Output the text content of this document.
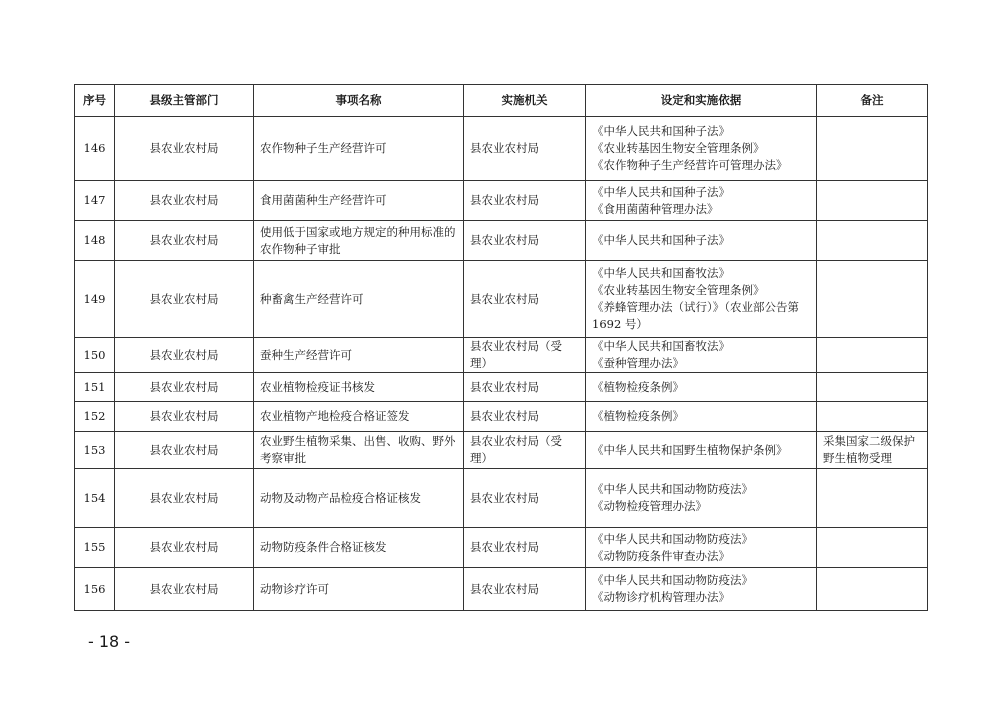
序号	县级主管部门	事项名称	实施机关	设定和实施依据	备注
146	县农业农村局	农作物种子生产经营许可	县农业农村局	《中华人民共和国种子法》
《农业转基因生物安全管理条例》
《农作物种子生产经营许可管理办法》	

147	县农业农村局	食用菌菌种生产经营许可	县农业农村局	《中华人民共和国种子法》
《食用菌菌种管理办法》	

148	县农业农村局	使用低于国家或地方规定的种用标准的农作物种子审批	县农业农村局	《中华人民共和国种子法》	

149	县农业农村局	种畜禽生产经营许可	县农业农村局	《中华人民共和国畜牧法》
《农业转基因生物安全管理条例》
《养蜂管理办法（试行）》（农业部公告第
1692 号）	

150	县农业农村局	蚕种生产经营许可	县农业农村局（受理）	《中华人民共和国畜牧法》
《蚕种管理办法》	

151	县农业农村局	农业植物检疫证书核发	县农业农村局	《植物检疫条例》	

152	县农业农村局	农业植物产地检疫合格证签发	县农业农村局	《植物检疫条例》	

153	县农业农村局	农业野生植物采集、出售、收购、野外考察审批	县农业农村局（受理）	《中华人民共和国野生植物保护条例》	采集国家二级保护野生植物受理
154	县农业农村局	动物及动物产品检疫合格证核发	县农业农村局	《中华人民共和国动物防疫法》
《动物检疫管理办法》	

155	县农业农村局	动物防疫条件合格证核发	县农业农村局	《中华人民共和国动物防疫法》
《动物防疫条件审查办法》	

156	县农业农村局	动物诊疗许可	县农业农村局	《中华人民共和国动物防疫法》
《动物诊疗机构管理办法》	

- 18 -
